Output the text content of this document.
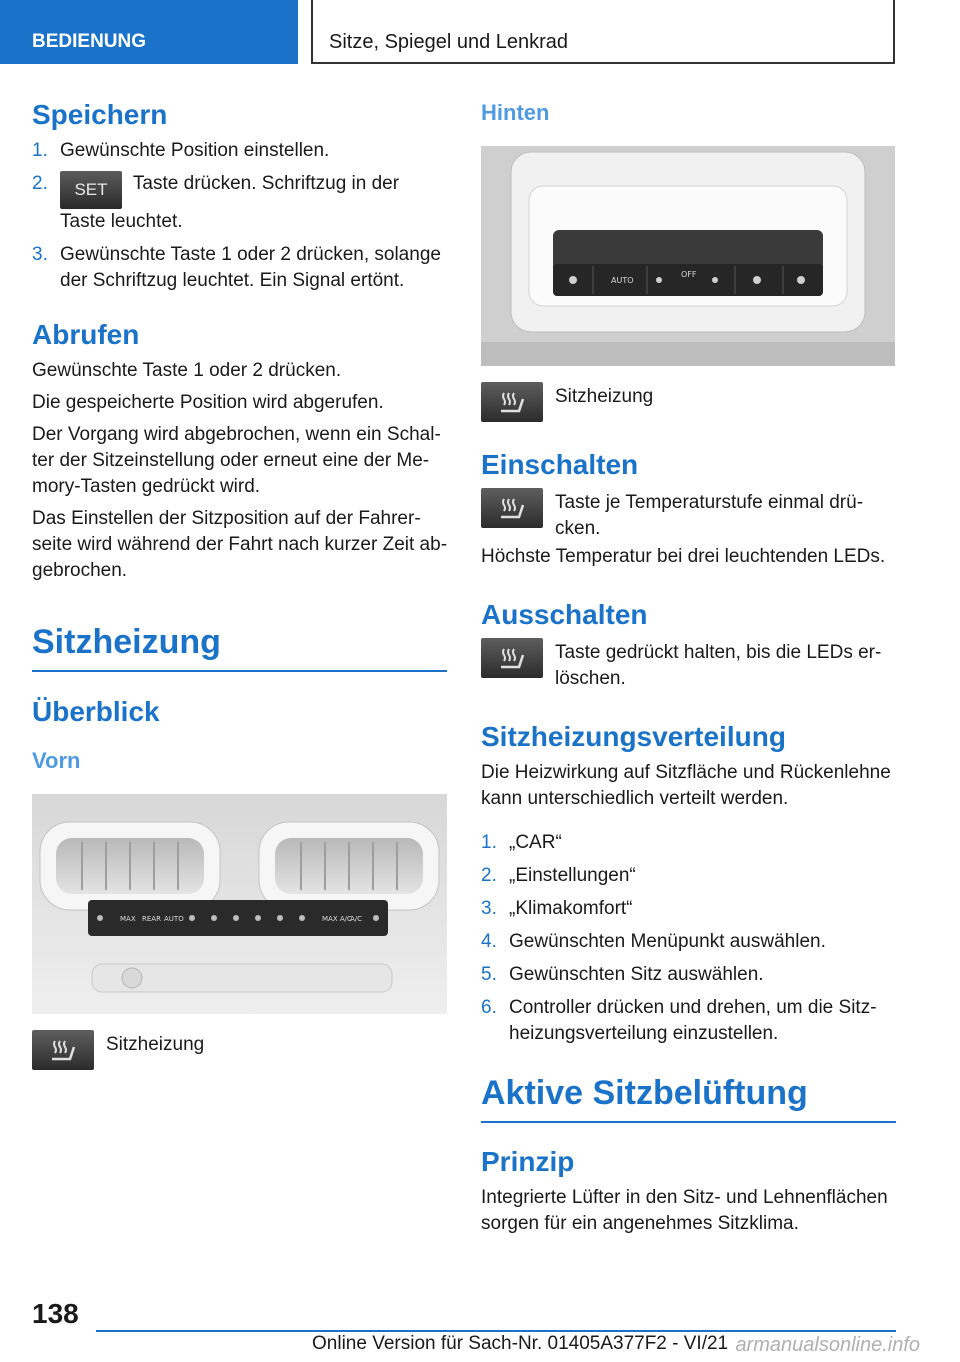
BEDIENUNG	Sitze, Spiegel und Lenkrad
Speichern
1. Gewünschte Position einstellen.
2. SET Taste drücken. Schriftzug in der Taste leuchtet.
3. Gewünschte Taste 1 oder 2 drücken, solange der Schriftzug leuchtet. Ein Signal ertönt.
Abrufen

Gewünschte Taste 1 oder 2 drücken.

Die gespeicherte Position wird abgerufen.

Der Vorgang wird abgebrochen, wenn ein Schalter der Sitzeinstellung oder erneut eine der Memory-Tasten gedrückt wird.

Das Einstellen der Sitzposition auf der Fahrerseite wird während der Fahrt nach kurzer Zeit abgebrochen.

Sitzheizung
Überblick
Vorn
MAX REAR AUTO	MAX A/C
A/C
Sitzheizung
Hinten
AUTO
OFF
Sitzheizung
Einschalten
Taste je Temperaturstufe einmal drücken.

Höchste Temperatur bei drei leuchtenden LEDs.

Ausschalten
Taste gedrückt halten, bis die LEDs erlöschen.
Sitzheizungsverteilung

Die Heizwirkung auf Sitzfläche und Rückenlehne kann unterschiedlich verteilt werden.

1. „CAR“
2. „Einstellungen“
3. „Klimakomfort“
4. Gewünschten Menüpunkt auswählen.
5. Gewünschten Sitz auswählen.
6. Controller drücken und drehen, um die Sitzheizungsverteilung einzustellen.
Aktive Sitzbelüftung
Prinzip

Integrierte Lüfter in den Sitz- und Lehnenflächen sorgen für ein angenehmes Sitzklima.

138
Online Version für Sach-Nr. 01405A377F2 - VI/21 armanualsonline.info
